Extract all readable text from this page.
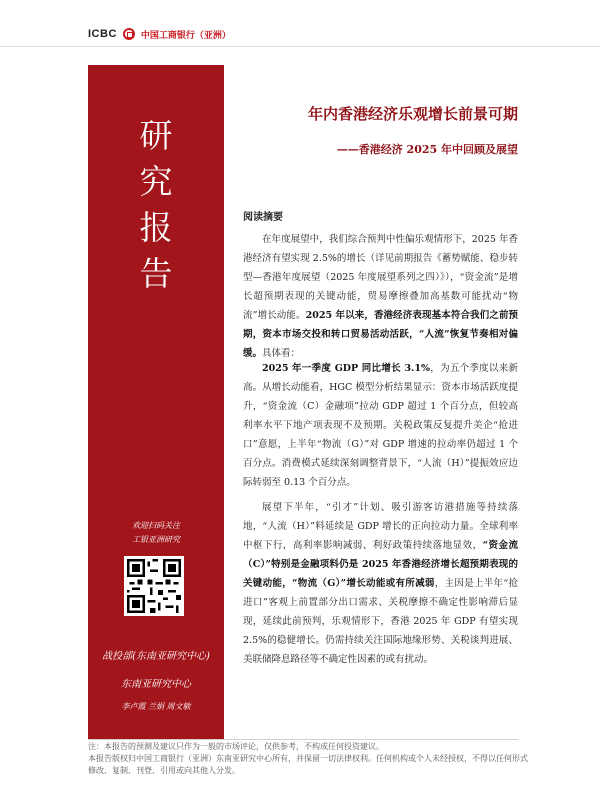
ICBC	中国工商银行（亚洲）
研
究
报
告
欢迎扫码关注
工银亚洲研究
战投部(东南亚研究中心)
东南亚研究中心
李卢霞 兰娟 周文敏
年内香港经济乐观增长前景可期
——香港经济 2025 年中回顾及展望
阅读摘要
在年度展望中，我们综合预判中性偏乐观情形下，2025 年香港经济有望实现 2.5%的增长（详见前期报告《蓄势赋能、稳步转型—香港年度展望（2025 年度展望系列之四）》），“资金流”是增长超预期表现的关键动能，贸易摩擦叠加高基数可能扰动“物流”增长动能。2025 年以来，香港经济表现基本符合我们之前预期，资本市场交投和转口贸易活动活跃，“人流”恢复节奏相对偏缓。具体看：
2025 年一季度 GDP 同比增长 3.1%，为五个季度以来新高。从增长动能看，HGC 模型分析结果显示：资本市场活跃度提升，“资金流（C）金融项”拉动 GDP 超过 1 个百分点，但较高利率水平下地产项表现不及预期。关税政策反复提升美企“抢进口”意愿，上半年“物流（G）”对 GDP 增速的拉动率仍超过 1 个百分点。消费模式延续深刻调整背景下，“人流（H）”提振效应边际转弱至 0.13 个百分点。
展望下半年，“引才”计划、吸引游客访港措施等持续落地，“人流（H）”料延续是 GDP 增长的正向拉动力量。全球利率中枢下行，高利率影响减弱、利好政策持续落地显效，“资金流（C）”特别是金融项料仍是 2025 年香港经济增长超预期表现的关键动能，“物流（G）”增长动能或有所减弱，主因是上半年“抢进口”客观上前置部分出口需求、关税摩擦不确定性影响滞后显现，延续此前预判，乐观情形下，香港 2025 年 GDP 有望实现 2.5%的稳健增长。仍需持续关注国际地缘形势、关税谈判进展、美联储降息路径等不确定性因素的或有扰动。
注：本报告的预测及建议只作为一般的市场评论，仅供参考，不构成任何投资建议。
本报告版权归中国工商银行（亚洲）东南亚研究中心所有，并保留一切法律权利。任何机构或个人未经授权，不得以任何形式修改、复制、刊登、引用或向其他人分发。
